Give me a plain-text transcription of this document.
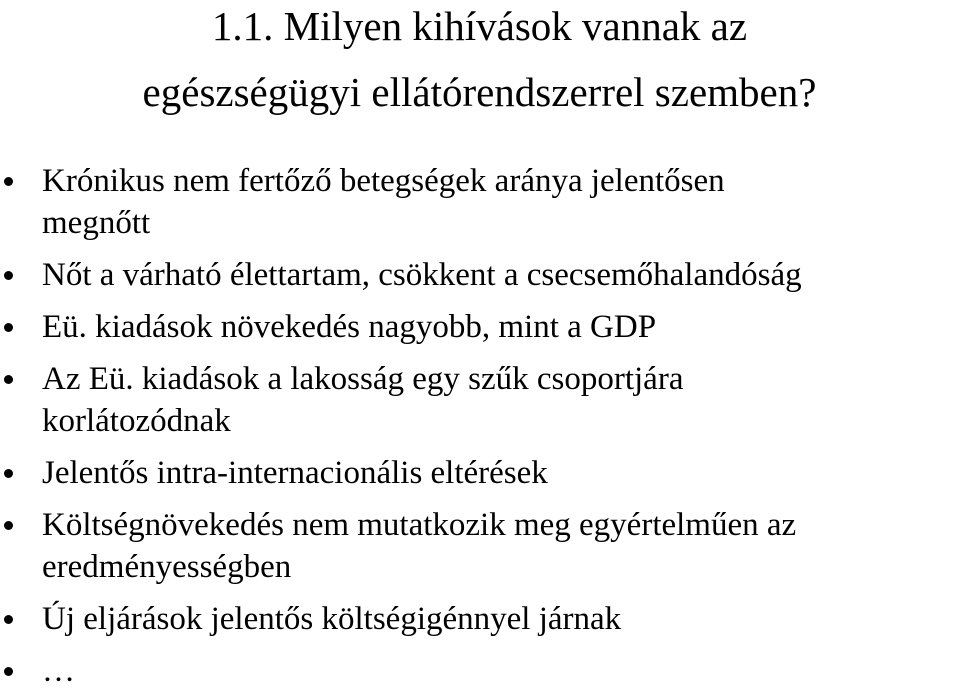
1.1. Milyen kihívások vannak az
egészségügyi ellátórendszerrel szemben?
Krónikus nem fertőző betegségek aránya jelentősen
megnőtt
Nőt a várható élettartam, csökkent a csecsemőhalandóság
Eü. kiadások növekedés nagyobb, mint a GDP
Az Eü. kiadások a lakosság egy szűk csoportjára
korlátozódnak
Jelentős intra-internacionális eltérések
Költségnövekedés nem mutatkozik meg egyértelműen az
eredményességben
Új eljárások jelentős költségigénnyel járnak
…
